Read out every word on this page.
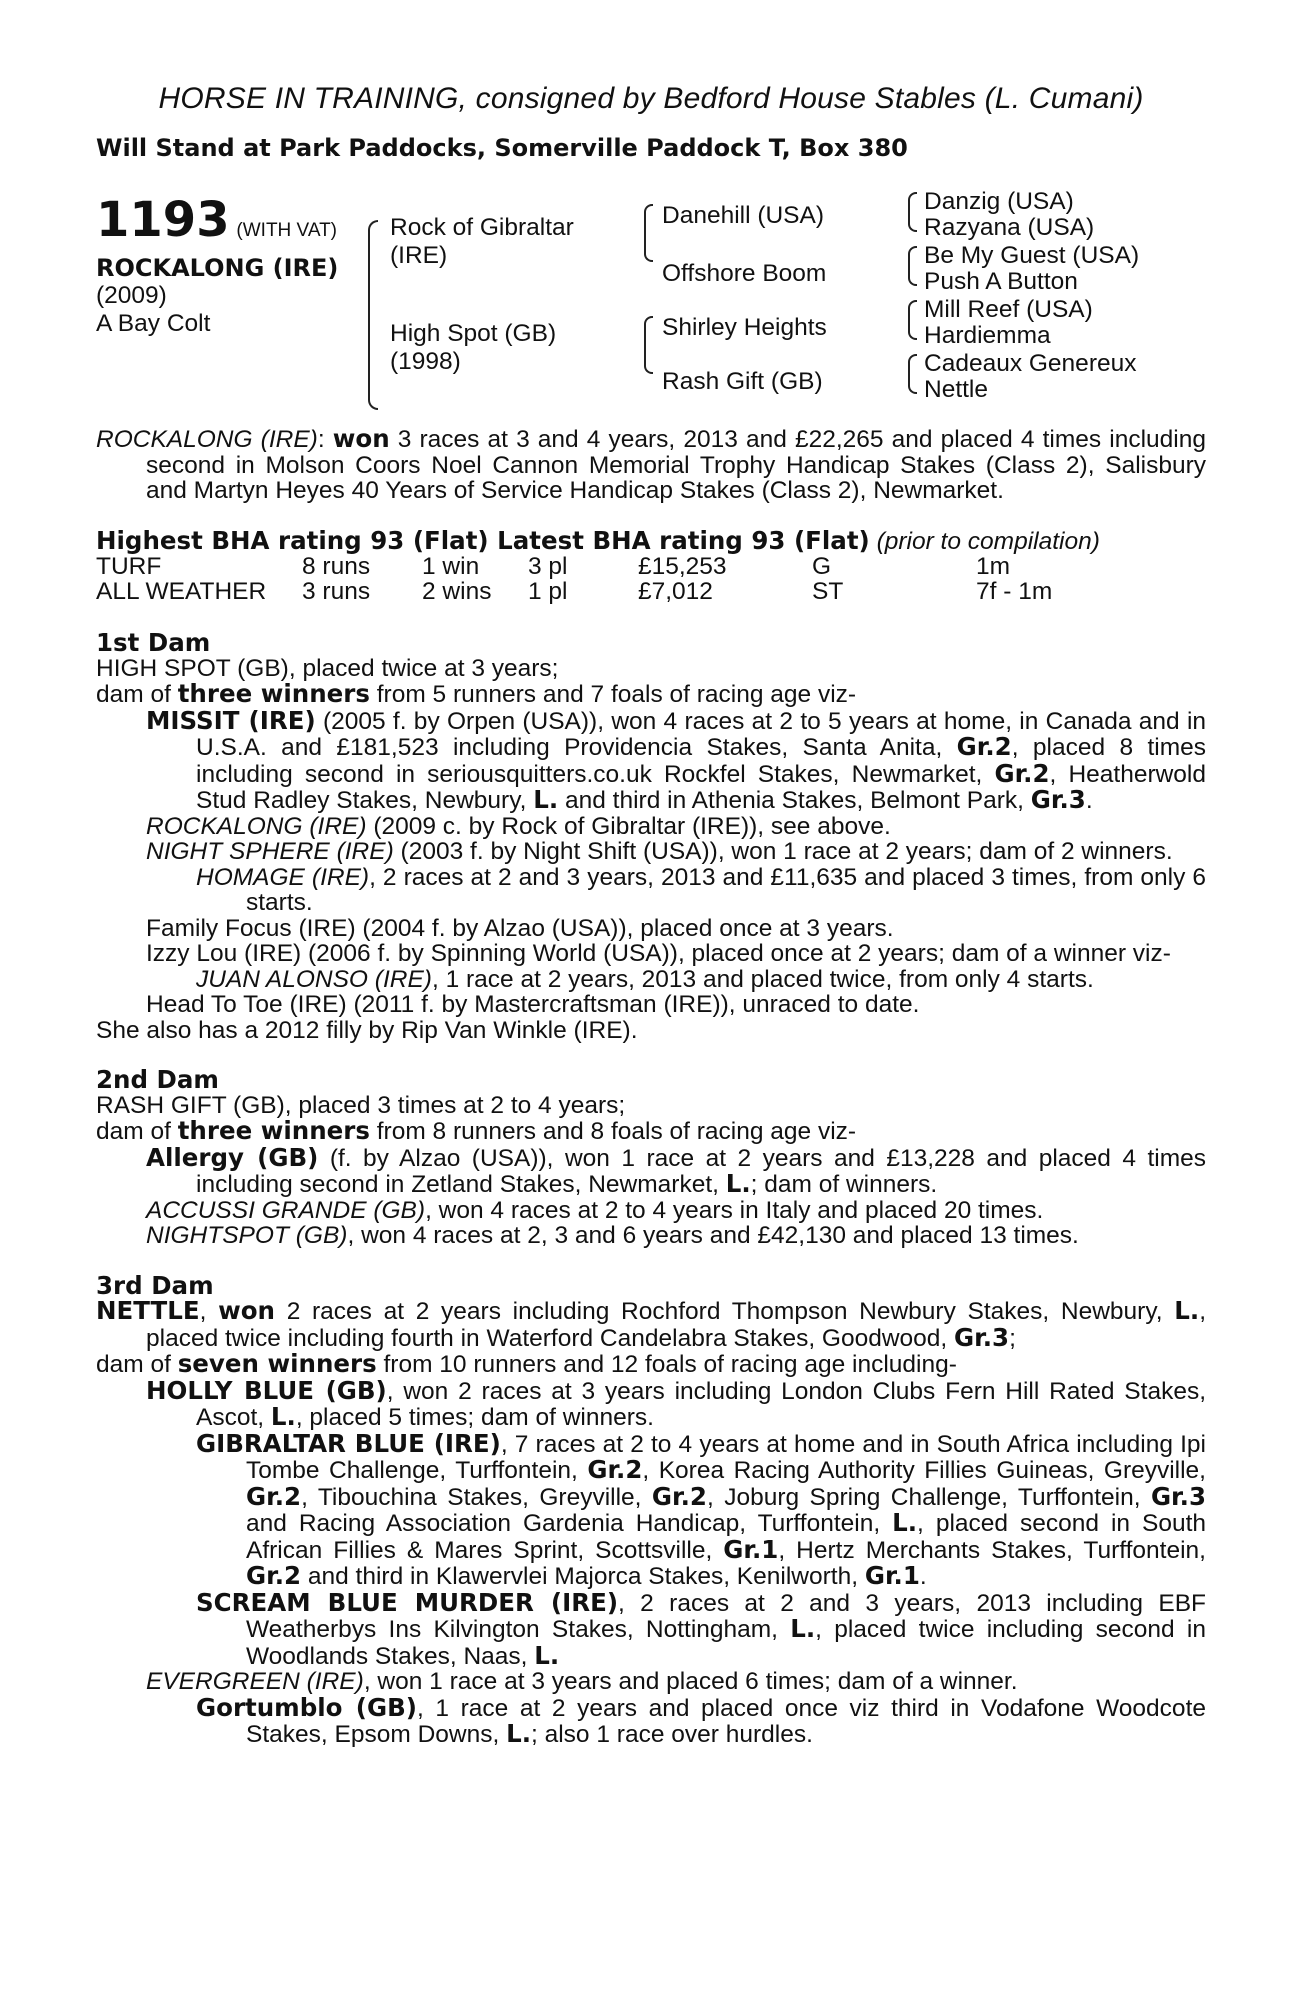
HORSE IN TRAINING, consigned by Bedford House Stables (L. Cumani)
Will Stand at Park Paddocks, Somerville Paddock T, Box 380
1193 (WITH VAT)
ROCKALONG (IRE)
(2009)
A Bay Colt
Rock of Gibraltar
(IRE)
High Spot (GB)
(1998)
Danehill (USA)
Offshore Boom
Shirley Heights
Rash Gift (GB)
Danzig (USA)
Razyana (USA)
Be My Guest (USA)
Push A Button
Mill Reef (USA)
Hardiemma
Cadeaux Genereux
Nettle

ROCKALONG (IRE): won 3 races at 3 and 4 years, 2013 and £22,265 and placed 4 times including second in Molson Coors Noel Cannon Memorial Trophy Handicap Stakes (Class 2), Salisbury and Martyn Heyes 40 Years of Service Handicap Stakes (Class 2), Newmarket.

Highest BHA rating 93 (Flat) Latest BHA rating 93 (Flat) (prior to compilation)

TURF	8 runs 1 win 3 pl	£15,253	G	1m
ALL WEATHER 3 runs 2 wins 1 pl	£7,012	ST	7f - 1m

1st Dam

HIGH SPOT (GB), placed twice at 3 years;

dam of three winners from 5 runners and 7 foals of racing age viz-

MISSIT (IRE) (2005 f. by Orpen (USA)), won 4 races at 2 to 5 years at home, in Canada and in U.S.A. and £181,523 including Providencia Stakes, Santa Anita, Gr.2, placed 8 times including second in seriousquitters.co.uk Rockfel Stakes, Newmarket, Gr.2, Heatherwold Stud Radley Stakes, Newbury, L. and third in Athenia Stakes, Belmont Park, Gr.3.

ROCKALONG (IRE) (2009 c. by Rock of Gibraltar (IRE)), see above.

NIGHT SPHERE (IRE) (2003 f. by Night Shift (USA)), won 1 race at 2 years; dam of 2 winners.

HOMAGE (IRE), 2 races at 2 and 3 years, 2013 and £11,635 and placed 3 times, from only 6 starts.

Family Focus (IRE) (2004 f. by Alzao (USA)), placed once at 3 years.

Izzy Lou (IRE) (2006 f. by Spinning World (USA)), placed once at 2 years; dam of a winner viz-

JUAN ALONSO (IRE), 1 race at 2 years, 2013 and placed twice, from only 4 starts.

Head To Toe (IRE) (2011 f. by Mastercraftsman (IRE)), unraced to date.

She also has a 2012 filly by Rip Van Winkle (IRE).

2nd Dam

RASH GIFT (GB), placed 3 times at 2 to 4 years;

dam of three winners from 8 runners and 8 foals of racing age viz-

Allergy (GB) (f. by Alzao (USA)), won 1 race at 2 years and £13,228 and placed 4 times including second in Zetland Stakes, Newmarket, L.; dam of winners.

ACCUSSI GRANDE (GB), won 4 races at 2 to 4 years in Italy and placed 20 times.

NIGHTSPOT (GB), won 4 races at 2, 3 and 6 years and £42,130 and placed 13 times.

3rd Dam

NETTLE, won 2 races at 2 years including Rochford Thompson Newbury Stakes, Newbury, L., placed twice including fourth in Waterford Candelabra Stakes, Goodwood, Gr.3;

dam of seven winners from 10 runners and 12 foals of racing age including-

HOLLY BLUE (GB), won 2 races at 3 years including London Clubs Fern Hill Rated Stakes, Ascot, L., placed 5 times; dam of winners.

GIBRALTAR BLUE (IRE), 7 races at 2 to 4 years at home and in South Africa including Ipi Tombe Challenge, Turffontein, Gr.2, Korea Racing Authority Fillies Guineas, Greyville, Gr.2, Tibouchina Stakes, Greyville, Gr.2, Joburg Spring Challenge, Turffontein, Gr.3 and Racing Association Gardenia Handicap, Turffontein, L., placed second in South African Fillies & Mares Sprint, Scottsville, Gr.1, Hertz Merchants Stakes, Turffontein, Gr.2 and third in Klawervlei Majorca Stakes, Kenilworth, Gr.1.

SCREAM BLUE MURDER (IRE), 2 races at 2 and 3 years, 2013 including EBF Weatherbys Ins Kilvington Stakes, Nottingham, L., placed twice including second in Woodlands Stakes, Naas, L.

EVERGREEN (IRE), won 1 race at 3 years and placed 6 times; dam of a winner.

Gortumblo (GB), 1 race at 2 years and placed once viz third in Vodafone Woodcote Stakes, Epsom Downs, L.; also 1 race over hurdles.
